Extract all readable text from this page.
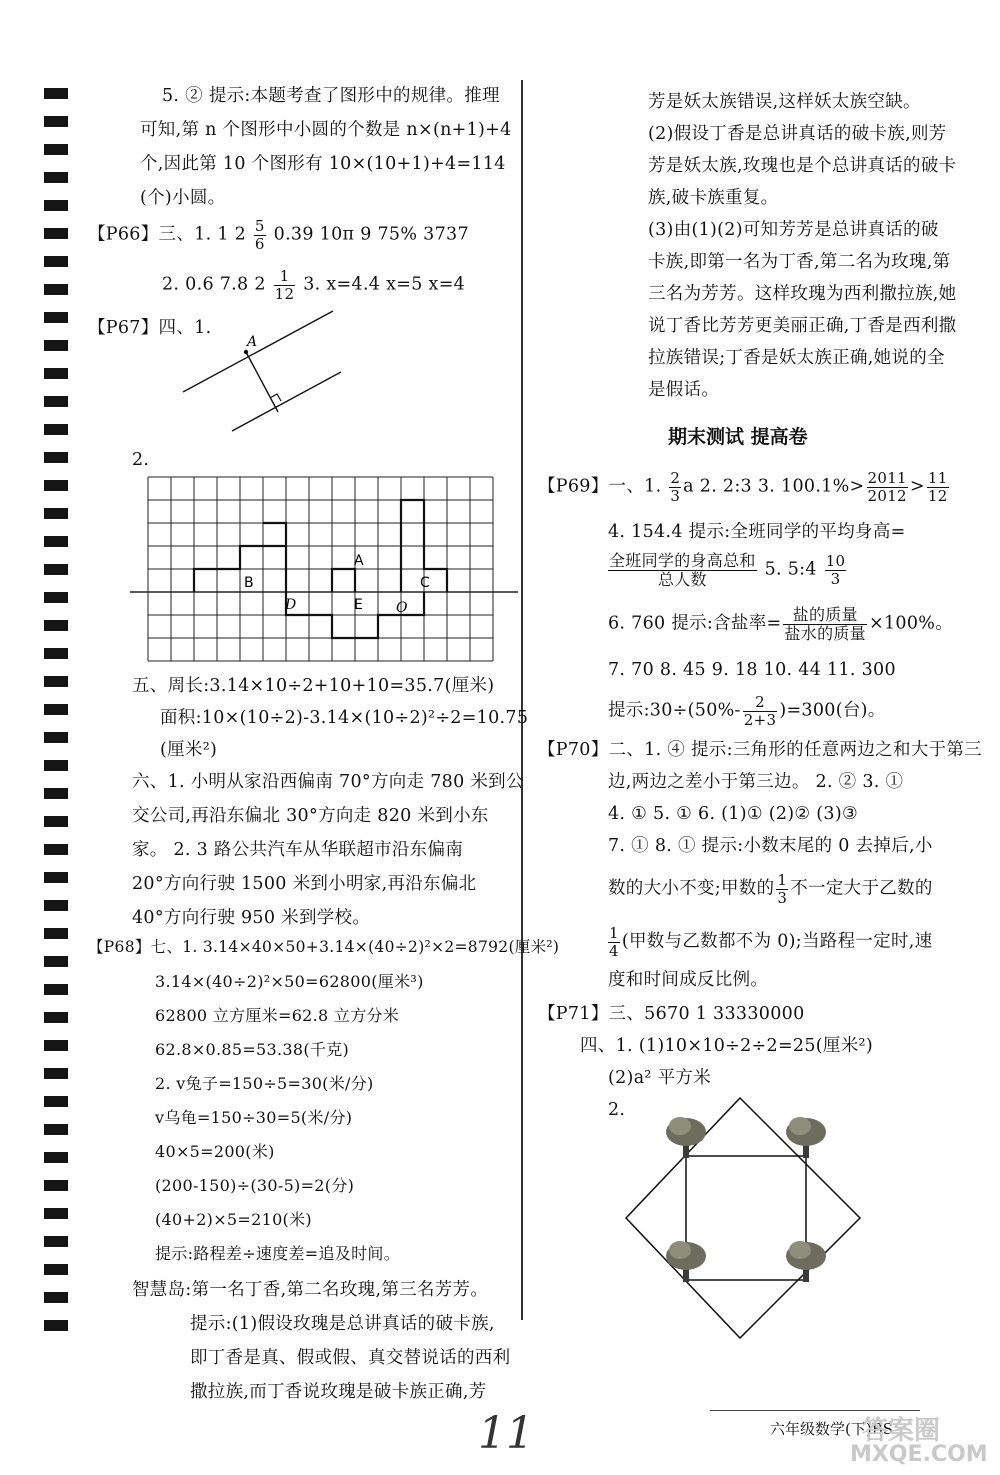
5. ② 提示:本题考查了图形中的规律。推理
可知,第 n 个图形中小圆的个数是 n×(n+1)+4
个,因此第 10 个图形有 10×(10+1)+4=114
(个)小圆。
【P66】三、1. 1 $2 \frac{5}{6} 0.39$ 10π 9 75% 3737
2. 0.6 7.8 $2 \frac{1}{12} 3$. x=4.4 x=5 x=4
【P67】四、1.
A
2.
B
A
C
D	E O
五、周长:3.14×10÷2+10+10=35.7(厘米)
面积:10×(10÷2)-3.14×(10÷2)²÷2=10.75
(厘米²)
六、1. 小明从家沿西偏南 70°方向走 780 米到公
交公司,再沿东偏北 30°方向走 820 米到小东
家。 2. 3 路公共汽车从华联超市沿东偏南
20°方向行驶 1500 米到小明家,再沿东偏北
40°方向行驶 950 米到学校。
【P68】七、1. 3.14×40×50+3.14×(40÷2)²×2=8792(厘米²)
3.14×(40÷2)²×50=62800(厘米³)
62800 立方厘米=62.8 立方分米
62.8×0.85=53.38(千克)
2. v兔子=150÷5=30(米/分)
v乌龟=150÷30=5(米/分)
40×5=200(米)
(200-150)÷(30-5)=2(分)
(40+2)×5=210(米)
提示:路程差÷速度差=追及时间。
智慧岛:第一名丁香,第二名玫瑰,第三名芳芳。
提示:(1)假设玫瑰是总讲真话的破卡族,
即丁香是真、假或假、真交替说话的西利
撒拉族,而丁香说玫瑰是破卡族正确,芳
芳是妖太族错误,这样妖太族空缺。
(2)假设丁香是总讲真话的破卡族,则芳
芳是妖太族,玫瑰也是个总讲真话的破卡
族,破卡族重复。
(3)由(1)(2)可知芳芳是总讲真话的破
卡族,即第一名为丁香,第二名为玫瑰,第
三名为芳芳。这样玫瑰为西利撒拉族,她
说丁香比芳芳更美丽正确,丁香是西利撒
拉族错误;丁香是妖太族正确,她说的全
是假话。
期末测试 提高卷
【P69】一、1. $\frac{2}{3}$ a 2. 2:3 3. $100.1\%> \frac{2011}{2012} > \frac{11}{12}$
4. 154.4 提示:全班同学的平均身高=
$\frac{\text{全班同学的身高总和}}{\text{总人数}} 5$. 5:4 $\frac{10}{3}$
6. 760 提示:含盐率= $\frac{\text{盐的质量}}{\text{盐水的质量}} \times 100\%$。
7. 70 8. 45 9. 18 10. 44 11. 300
提示:30÷(50%- $\frac{2}{2+3} )=300$(台)。
【P70】二、1. ④ 提示:三角形的任意两边之和大于第三
边,两边之差小于第三边。 2. ② 3. ①
4. ① 5. ① 6. (1)① (2)② (3)③
7. ① 8. ① 提示:小数末尾的 0 去掉后,小
数的大小不变;甲数的 $\frac{1}{3}$ 不一定大于乙数的
$\frac{1}{4}$ (甲数与乙数都不为 0);当路程一定时,速
度和时间成反比例。
【P71】三、5670 1 33330000
四、1. (1)10×10÷2÷2=25(厘米²)
(2)a² 平方米
2.
六年级数学(下)BS
11	答案圈
MXQE.COM
